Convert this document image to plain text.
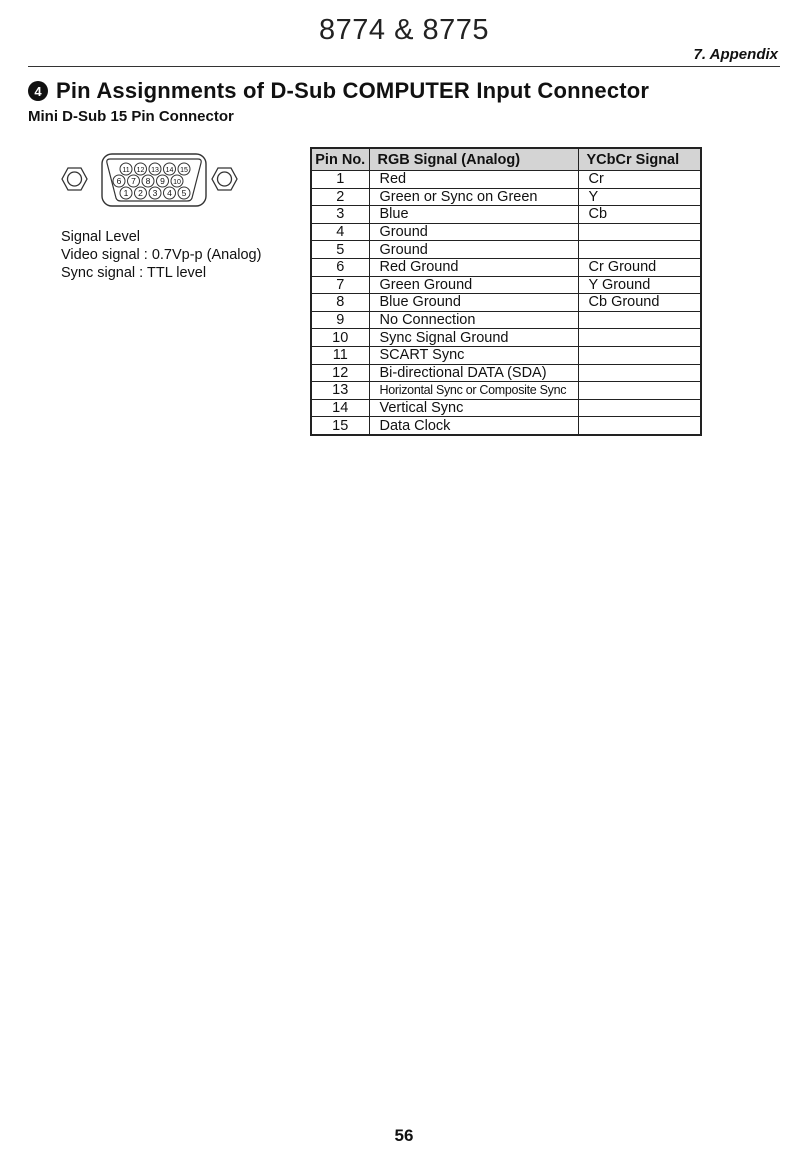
8774 & 8775
7. Appendix
4 Pin Assignments of D-Sub COMPUTER Input Connector
Mini D-Sub 15 Pin Connector
11 12 13 14 15
6 7 8 9 10
1 2 3 4 5
Signal Level
Video signal : 0.7Vp-p (Analog)
Sync signal : TTL level
Pin No.	RGB Signal (Analog)	YCbCr Signal
1	Red	Cr
2	Green or Sync on Green	Y
3	Blue	Cb
4	Ground	
5	Ground	
6	Red Ground	Cr Ground
7	Green Ground	Y Ground
8	Blue Ground	Cb Ground
9	No Connection	
10	Sync Signal Ground	
11	SCART Sync	
12	Bi-directional DATA (SDA)	
13	Horizontal Sync or Composite Sync	
14	Vertical Sync	
15	Data Clock	
56
